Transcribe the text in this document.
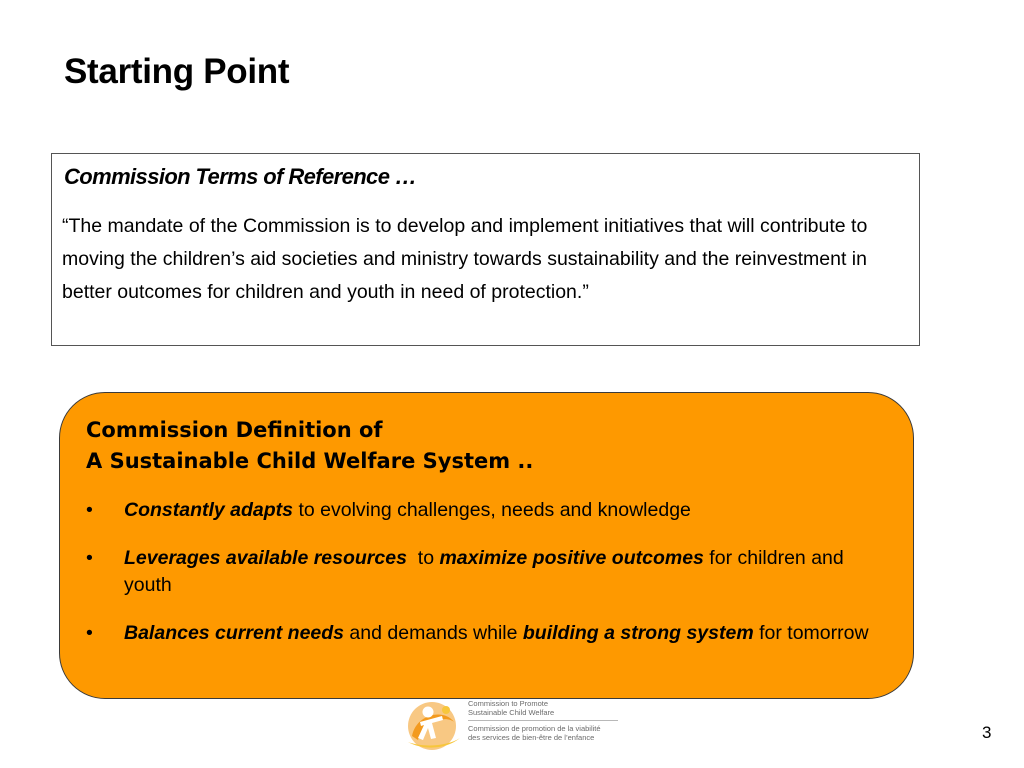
Starting Point
Commission Terms of Reference …

“The mandate of the Commission is to develop and implement initiatives that will contribute to moving the children’s aid societies and ministry towards sustainability and the reinvestment in better outcomes for children and youth in need of protection.”

Commission Definition of
A Sustainable Child Welfare System ..
• Constantly adapts to evolving challenges, needs and knowledge
• Leverages available resources  to maximize positive outcomes for children and youth
• Balances current needs and demands while building a strong system for tomorrow
Commission to Promote
Sustainable Child Welfare
Commission de promotion de la viabilité
des services de bien-être de l’enfance	3
